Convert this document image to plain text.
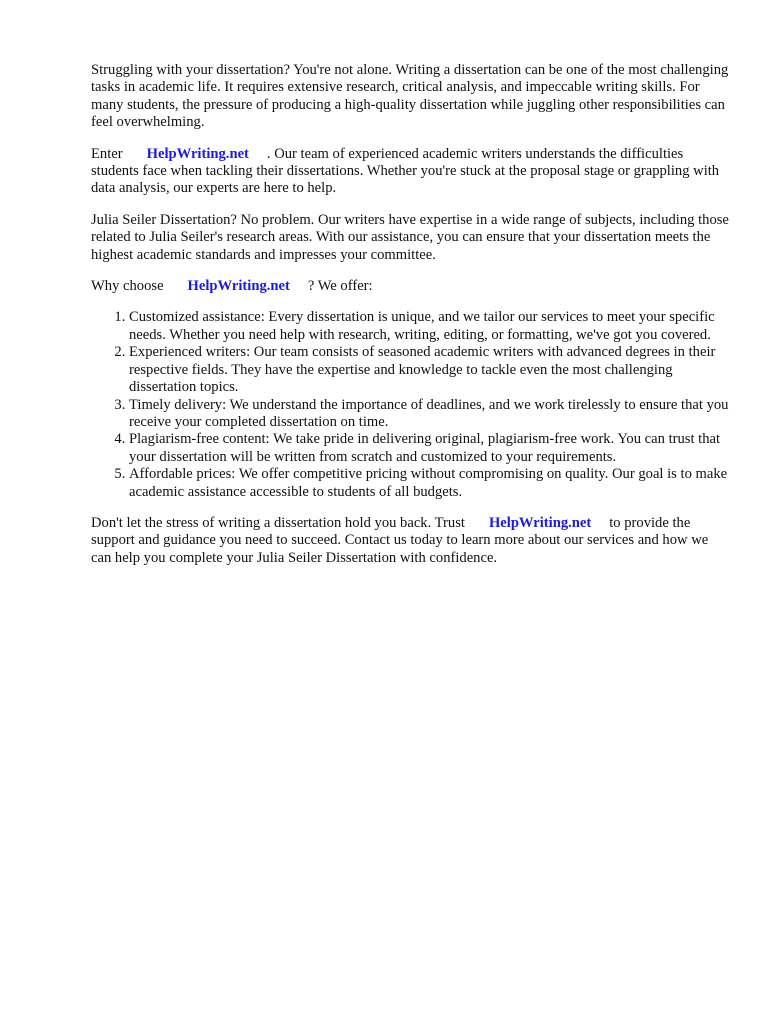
Struggling with your dissertation? You're not alone. Writing a dissertation can be one of the most challenging tasks in academic life. It requires extensive research, critical analysis, and impeccable writing skills. For many students, the pressure of producing a high-quality dissertation while juggling other responsibilities can feel overwhelming.

Enter HelpWriting.net . Our team of experienced academic writers understands the difficulties students face when tackling their dissertations. Whether you're stuck at the proposal stage or grappling with data analysis, our experts are here to help.

Julia Seiler Dissertation? No problem. Our writers have expertise in a wide range of subjects, including those related to Julia Seiler's research areas. With our assistance, you can ensure that your dissertation meets the highest academic standards and impresses your committee.

Why choose HelpWriting.net ? We offer:

1. Customized assistance: Every dissertation is unique, and we tailor our services to meet your specific needs. Whether you need help with research, writing, editing, or formatting, we've got you covered.
2. Experienced writers: Our team consists of seasoned academic writers with advanced degrees in their respective fields. They have the expertise and knowledge to tackle even the most challenging dissertation topics.
3. Timely delivery: We understand the importance of deadlines, and we work tirelessly to ensure that you receive your completed dissertation on time.
4. Plagiarism-free content: We take pride in delivering original, plagiarism-free work. You can trust that your dissertation will be written from scratch and customized to your requirements.
5. Affordable prices: We offer competitive pricing without compromising on quality. Our goal is to make academic assistance accessible to students of all budgets.

Don't let the stress of writing a dissertation hold you back. Trust HelpWriting.net to provide the support and guidance you need to succeed. Contact us today to learn more about our services and how we can help you complete your Julia Seiler Dissertation with confidence.
